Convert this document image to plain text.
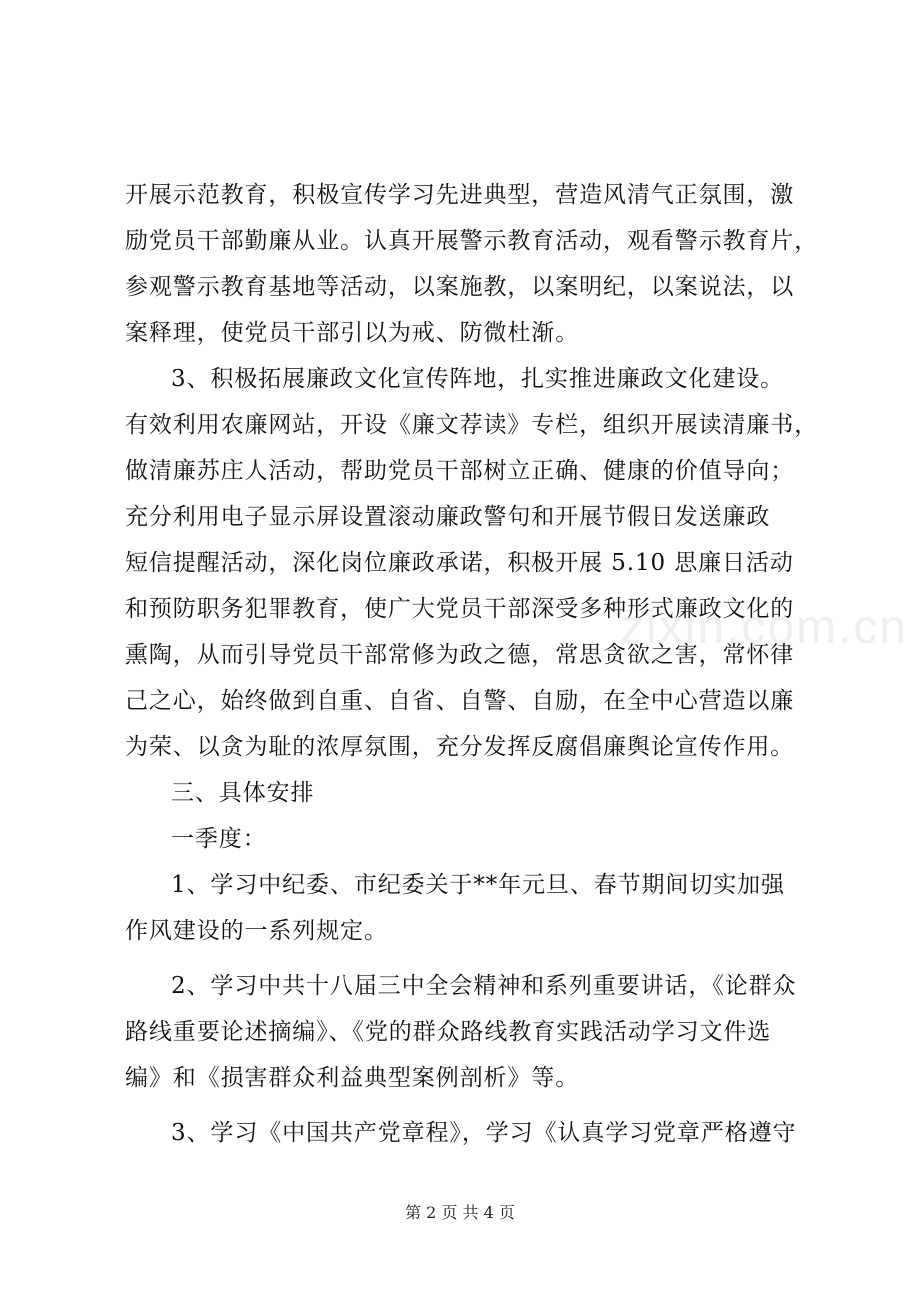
开展示范教育，积极宣传学习先进典型，营造风清气正氛围，激
励党员干部勤廉从业。认真开展警示教育活动，观看警示教育片，
参观警示教育基地等活动，以案施教，以案明纪，以案说法，以
案释理，使党员干部引以为戒、防微杜渐。
3、积极拓展廉政文化宣传阵地，扎实推进廉政文化建设。
有效利用农廉网站，开设《廉文荐读》专栏，组织开展读清廉书，
做清廉苏庄人活动，帮助党员干部树立正确、健康的价值导向；
充分利用电子显示屏设置滚动廉政警句和开展节假日发送廉政
短信提醒活动，深化岗位廉政承诺，积极开展 5.10 思廉日活动
和预防职务犯罪教育，使广大党员干部深受多种形式廉政文化的
熏陶，从而引导党员干部常修为政之德，常思贪欲之害，常怀律
己之心，始终做到自重、自省、自警、自励，在全中心营造以廉
为荣、以贪为耻的浓厚氛围，充分发挥反腐倡廉舆论宣传作用。
三、具体安排
一季度：
1、学习中纪委、市纪委关于**年元旦、春节期间切实加强
作风建设的一系列规定。
2、学习中共十八届三中全会精神和系列重要讲话，《论群众
路线重要论述摘编》、《党的群众路线教育实践活动学习文件选
编》和《损害群众利益典型案例剖析》等。
3、学习《中国共产党章程》，学习《认真学习党章严格遵守
zixin.com.cn
第 2 页 共 4 页
